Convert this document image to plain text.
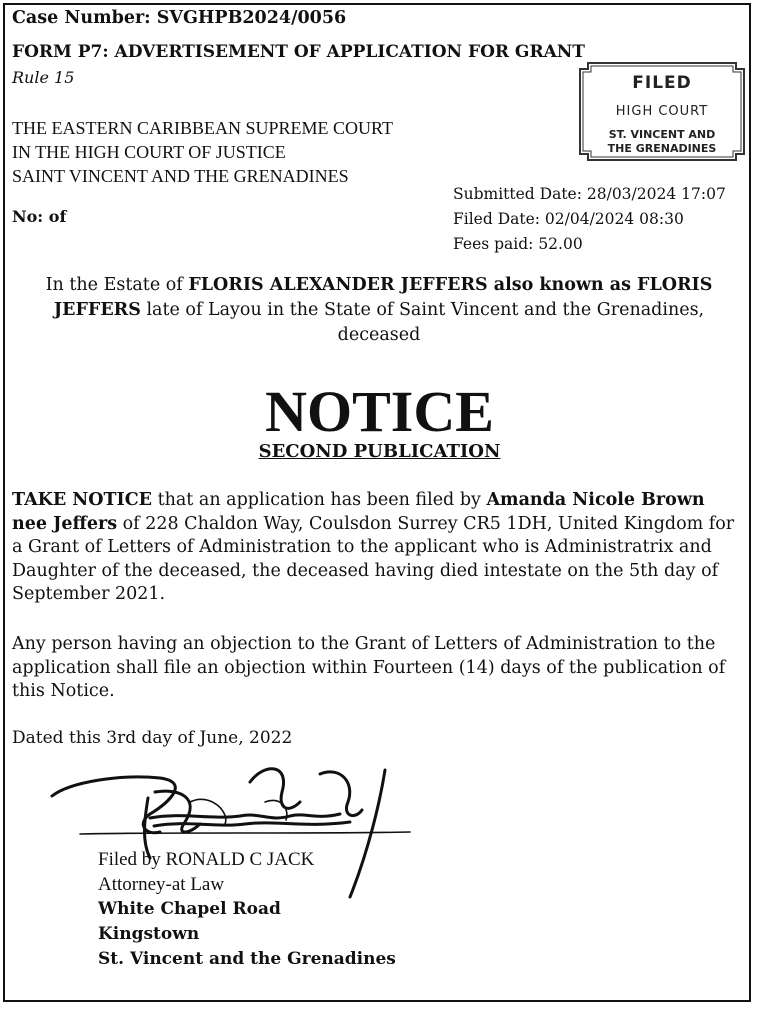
Case Number: SVGHPB2024/0056
FORM P7: ADVERTISEMENT OF APPLICATION FOR GRANT
Rule 15
THE EASTERN CARIBBEAN SUPREME COURT
IN THE HIGH COURT OF JUSTICE
SAINT VINCENT AND THE GRENADINES
No: of
FILED
HIGH COURT
ST. VINCENT AND
THE GRENADINES
Submitted Date: 28/03/2024 17:07
Filed Date: 02/04/2024 08:30
Fees paid: 52.00
In the Estate of FLORIS ALEXANDER JEFFERS also known as FLORIS JEFFERS late of Layou in the State of Saint Vincent and the Grenadines, deceased
NOTICE
SECOND PUBLICATION
TAKE NOTICE that an application has been filed by Amanda Nicole Brown nee Jeffers of 228 Chaldon Way, Coulsdon Surrey CR5 1DH, United Kingdom for a Grant of Letters of Administration to the applicant who is Administratrix and Daughter of the deceased, the deceased having died intestate on the 5th day of September 2021.
Any person having an objection to the Grant of Letters of Administration to the application shall file an objection within Fourteen (14) days of the publication of this Notice.
Dated this 3rd day of June, 2022
Filed by RONALD C JACK
Attorney-at Law
White Chapel Road
Kingstown
St. Vincent and the Grenadines
